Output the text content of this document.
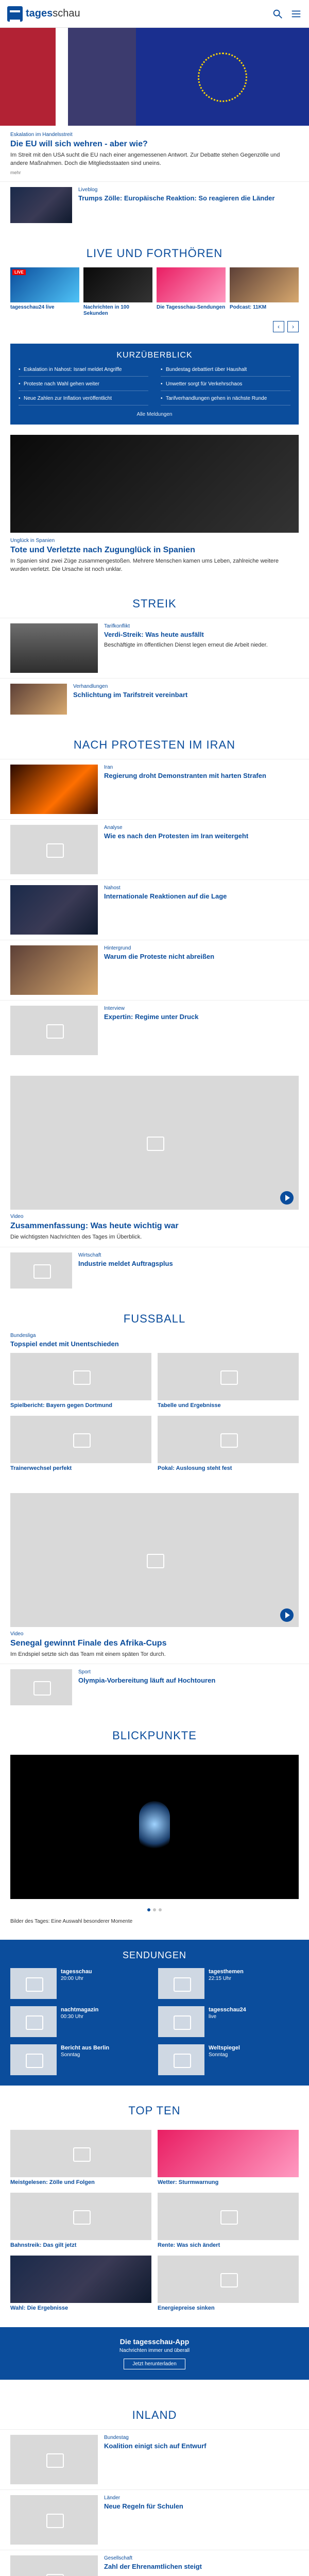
tagesschau
Eskalation im Handelsstreit
Die EU will sich wehren - aber wie?
Im Streit mit den USA sucht die EU nach einer angemessenen Antwort. Zur Debatte stehen Gegenzölle und andere Maßnahmen. Doch die Mitgliedsstaaten sind uneins.
mehr
Liveblog
Trumps Zölle: Europäische Reaktion: So reagieren die Länder
LIVE UND FORTHÖREN
LIVE
tagesschau24 live	Nachrichten in 100 Sekunden
Die Tagesschau-Sendungen Podcast: 11KM
‹	›
KURZÜBERBLICK
• Eskalation in Nahost: Israel meldet Angriffe	• Bundestag debattiert über Haushalt
• Proteste nach Wahl gehen weiter	• Unwetter sorgt für Verkehrschaos
• Neue Zahlen zur Inflation veröffentlicht	• Tarifverhandlungen gehen in nächste Runde
Alle Meldungen
Unglück in Spanien
Tote und Verletzte nach Zugunglück in Spanien
In Spanien sind zwei Züge zusammengestoßen. Mehrere Menschen kamen ums Leben, zahlreiche weitere wurden verletzt. Die Ursache ist noch unklar.
STREIK
Tarifkonflikt
Verdi-Streik: Was heute ausfällt
Beschäftigte im öffentlichen Dienst legen erneut die Arbeit nieder.
Verhandlungen
Schlichtung im Tarifstreit vereinbart
NACH PROTESTEN IM IRAN
Iran
Regierung droht Demonstranten mit harten Strafen
Analyse
Wie es nach den Protesten im Iran weitergeht
Nahost
Internationale Reaktionen auf die Lage
Hintergrund
Warum die Proteste nicht abreißen
Interview
Expertin: Regime unter Druck
Video
Zusammenfassung: Was heute wichtig war
Die wichtigsten Nachrichten des Tages im Überblick.
Wirtschaft
Industrie meldet Auftragsplus
FUSSBALL
Bundesliga
Topspiel endet mit Unentschieden
Spielbericht: Bayern gegen Dortmund	Tabelle und Ergebnisse
Trainerwechsel perfekt	Pokal: Auslosung steht fest
Video
Senegal gewinnt Finale des Afrika-Cups
Im Endspiel setzte sich das Team mit einem späten Tor durch.
Sport
Olympia-Vorbereitung läuft auf Hochtouren
BLICKPUNKTE
Bilder des Tages: Eine Auswahl besonderer Momente
SENDUNGEN
tagesschau
20:00 Uhr
tagesthemen
22:15 Uhr
nachtmagazin
00:30 Uhr
tagesschau24
live
Bericht aus Berlin
Sonntag
Weltspiegel
Sonntag
TOP TEN
Meistgelesen: Zölle und Folgen	Wetter: Sturmwarnung
Bahnstreik: Das gilt jetzt	Rente: Was sich ändert
Wahl: Die Ergebnisse	Energiepreise sinken
Die tagesschau-App
Nachrichten immer und überall
Jetzt herunterladen
INLAND
Bundestag
Koalition einigt sich auf Entwurf
Länder
Neue Regeln für Schulen
Gesellschaft
Zahl der Ehrenamtlichen steigt
